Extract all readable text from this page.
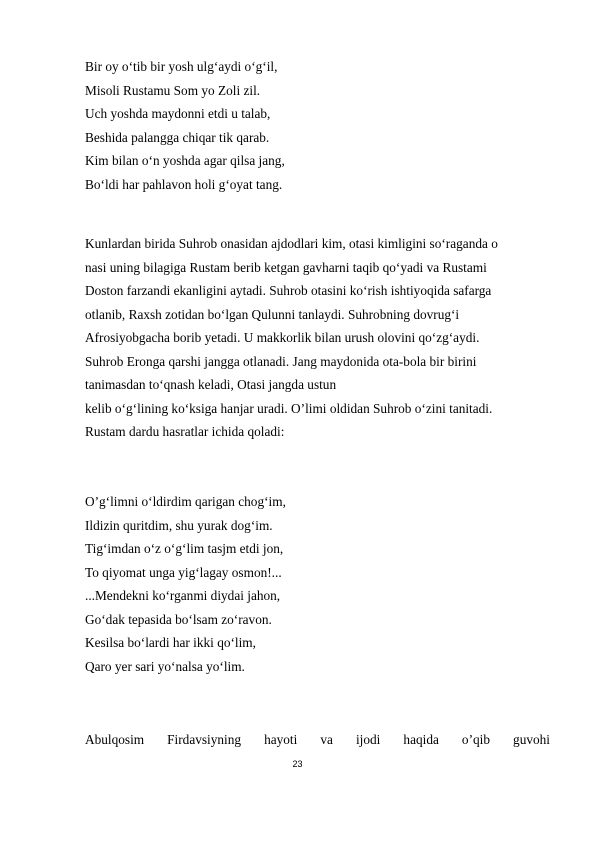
Bir oy o‘tib bir yosh ulg‘aydi o‘g‘il,
Misoli Rustamu Som yo Zoli zil.
Uch yoshda maydonni etdi u talab,
Beshida palangga chiqar tik qarab.
Kim bilan o‘n yoshda agar qilsa jang,
Bo‘ldi har pahlavon holi g‘oyat tang.
Kunlardan birida Suhrob onasidan ajdodlari kim, otasi kimligini so‘raganda o
nasi uning bilagiga Rustam berib ketgan gavharni taqib qo‘yadi va Rustami
Doston farzandi ekanligini aytadi. Suhrob otasini ko‘rish ishtiyoqida safarga
otlanib, Raxsh zotidan bo‘lgan Qulunni tanlaydi. Suhrobning dovrug‘i
Afrosiyobgacha borib yetadi. U makkorlik bilan urush olovini qo‘zg‘aydi.
Suhrob Eronga qarshi jangga otlanadi. Jang maydonida ota-bola bir birini
tanimasdan to‘qnash keladi, Otasi jangda ustun
kelib o‘g‘lining ko‘ksiga hanjar uradi. O’limi oldidan Suhrob o‘zini tanitadi.
Rustam dardu hasratlar ichida qoladi:
O’g‘limni o‘ldirdim qarigan chog‘im,
Ildizin quritdim, shu yurak dog‘im.
Tig‘imdan o‘z o‘g‘lim tasjm etdi jon,
To qiyomat unga yig‘lagay osmon!...
...Mendekni ko‘rganmi diydai jahon,
Go‘dak tepasida bo‘lsam zo‘ravon.
Kesilsa bo‘lardi har ikki qo‘lim,
Qaro yer sari yo‘nalsa yo‘lim.
Abulqosim Firdavsiyning hayoti va ijodi haqida o’qib guvohi
23
